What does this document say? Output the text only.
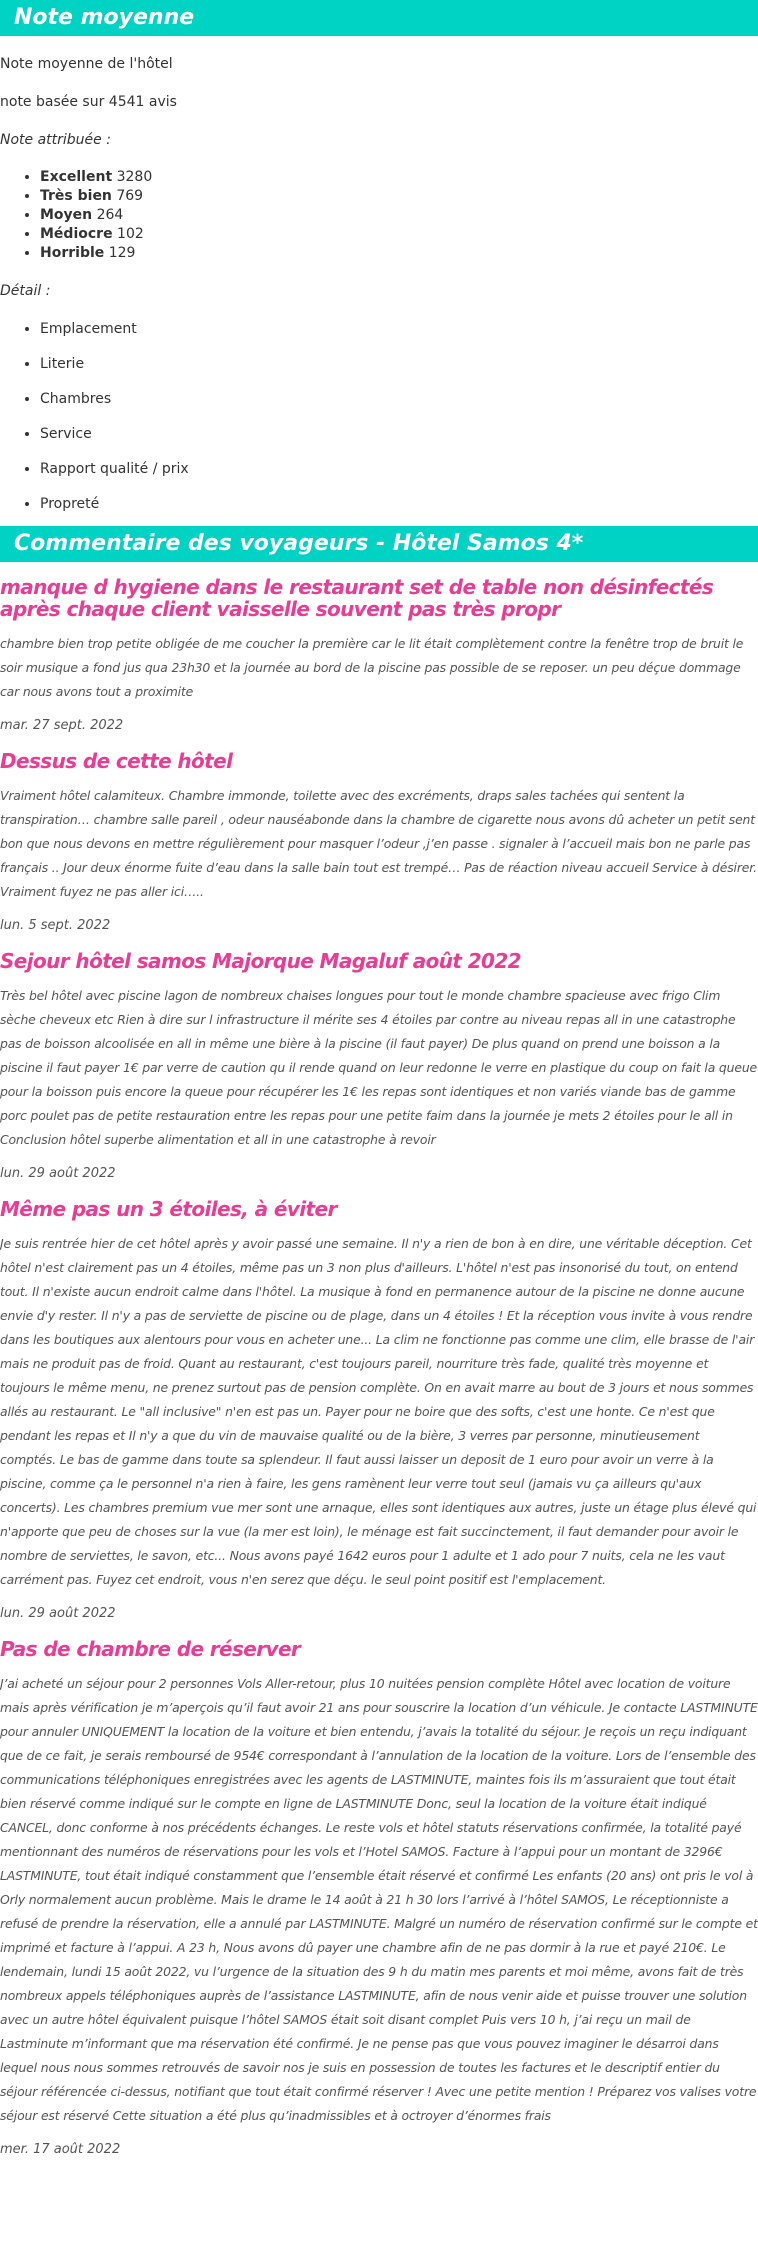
Note moyenne

Note moyenne de l'hôtel

note basée sur 4541 avis

Note attribuée :

• Excellent 3280
• Très bien 769
• Moyen 264
• Médiocre 102
• Horrible 129

Détail :

• Emplacement
• Literie
• Chambres
• Service
• Rapport qualité / prix
• Propreté
Commentaire des voyageurs - Hôtel Samos 4*
manque d hygiene dans le restaurant set de table non désinfectés après chaque client vaisselle souvent pas très propr
chambre bien trop petite obligée de me coucher la première car le lit était complètement contre la fenêtre trop de bruit le soir musique a fond jus qua 23h30 et la journée au bord de la piscine pas possible de se reposer. un peu déçue dommage car nous avons tout a proximite
mar. 27 sept. 2022
Dessus de cette hôtel
Vraiment hôtel calamiteux. Chambre immonde, toilette avec des excréments, draps sales tachées qui sentent la transpiration… chambre salle pareil , odeur nauséabonde dans la chambre de cigarette nous avons dû acheter un petit sent bon que nous devons en mettre régulièrement pour masquer l’odeur ,j’en passe . signaler à l’accueil mais bon ne parle pas français .. Jour deux énorme fuite d’eau dans la salle bain tout est trempé… Pas de réaction niveau accueil Service à désirer. Vraiment fuyez ne pas aller ici…..
lun. 5 sept. 2022
Sejour hôtel samos Majorque Magaluf août 2022
Très bel hôtel avec piscine lagon de nombreux chaises longues pour tout le monde chambre spacieuse avec frigo Clim sèche cheveux etc Rien à dire sur l infrastructure il mérite ses 4 étoiles par contre au niveau repas all in une catastrophe pas de boisson alcoolisée en all in même une bière à la piscine (il faut payer) De plus quand on prend une boisson a la piscine il faut payer 1€ par verre de caution qu il rende quand on leur redonne le verre en plastique du coup on fait la queue pour la boisson puis encore la queue pour récupérer les 1€ les repas sont identiques et non variés viande bas de gamme porc poulet pas de petite restauration entre les repas pour une petite faim dans la journée je mets 2 étoiles pour le all in Conclusion hôtel superbe alimentation et all in une catastrophe à revoir
lun. 29 août 2022
Même pas un 3 étoiles, à éviter
Je suis rentrée hier de cet hôtel après y avoir passé une semaine. Il n'y a rien de bon à en dire, une véritable déception. Cet hôtel n'est clairement pas un 4 étoiles, même pas un 3 non plus d'ailleurs. L'hôtel n'est pas insonorisé du tout, on entend tout. Il n'existe aucun endroit calme dans l'hôtel. La musique à fond en permanence autour de la piscine ne donne aucune envie d'y rester. Il n'y a pas de serviette de piscine ou de plage, dans un 4 étoiles ! Et la réception vous invite à vous rendre dans les boutiques aux alentours pour vous en acheter une... La clim ne fonctionne pas comme une clim, elle brasse de l'air mais ne produit pas de froid. Quant au restaurant, c'est toujours pareil, nourriture très fade, qualité très moyenne et toujours le même menu, ne prenez surtout pas de pension complète. On en avait marre au bout de 3 jours et nous sommes allés au restaurant. Le "all inclusive" n'en est pas un. Payer pour ne boire que des softs, c'est une honte. Ce n'est que pendant les repas et Il n'y a que du vin de mauvaise qualité ou de la bière, 3 verres par personne, minutieusement comptés. Le bas de gamme dans toute sa splendeur. Il faut aussi laisser un deposit de 1 euro pour avoir un verre à la piscine, comme ça le personnel n'a rien à faire, les gens ramènent leur verre tout seul (jamais vu ça ailleurs qu'aux concerts). Les chambres premium vue mer sont une arnaque, elles sont identiques aux autres, juste un étage plus élevé qui n'apporte que peu de choses sur la vue (la mer est loin), le ménage est fait succinctement, il faut demander pour avoir le nombre de serviettes, le savon, etc... Nous avons payé 1642 euros pour 1 adulte et 1 ado pour 7 nuits, cela ne les vaut carrément pas. Fuyez cet endroit, vous n'en serez que déçu. le seul point positif est l'emplacement.
lun. 29 août 2022
Pas de chambre de réserver
J’ai acheté un séjour pour 2 personnes Vols Aller-retour, plus 10 nuitées pension complète Hôtel avec location de voiture mais après vérification je m’aperçois qu’il faut avoir 21 ans pour souscrire la location d’un véhicule. Je contacte LASTMINUTE pour annuler UNIQUEMENT la location de la voiture et bien entendu, j’avais la totalité du séjour. Je reçois un reçu indiquant que de ce fait, je serais remboursé de 954€ correspondant à l’annulation de la location de la voiture. Lors de l’ensemble des communications téléphoniques enregistrées avec les agents de LASTMINUTE, maintes fois ils m’assuraient que tout était bien réservé comme indiqué sur le compte en ligne de LASTMINUTE Donc, seul la location de la voiture était indiqué CANCEL, donc conforme à nos précédents échanges. Le reste vols et hôtel statuts réservations confirmée, la totalité payé mentionnant des numéros de réservations pour les vols et l’Hotel SAMOS. Facture à l’appui pour un montant de 3296€ LASTMINUTE, tout était indiqué constamment que l’ensemble était réservé et confirmé Les enfants (20 ans) ont pris le vol à Orly normalement aucun problème. Mais le drame le 14 août à 21 h 30 lors l’arrivé à l’hôtel SAMOS, Le réceptionniste a refusé de prendre la réservation, elle a annulé par LASTMINUTE. Malgré un numéro de réservation confirmé sur le compte et imprimé et facture à l’appui. A 23 h, Nous avons dû payer une chambre afin de ne pas dormir à la rue et payé 210€. Le lendemain, lundi 15 août 2022, vu l’urgence de la situation des 9 h du matin mes parents et moi même, avons fait de très nombreux appels téléphoniques auprès de l’assistance LASTMINUTE, afin de nous venir aide et puisse trouver une solution avec un autre hôtel équivalent puisque l’hôtel SAMOS était soit disant complet Puis vers 10 h, j’ai reçu un mail de Lastminute m’informant que ma réservation été confirmé. Je ne pense pas que vous pouvez imaginer le désarroi dans lequel nous nous sommes retrouvés de savoir nos je suis en possession de toutes les factures et le descriptif entier du séjour référencée ci-dessus, notifiant que tout était confirmé réserver ! Avec une petite mention ! Préparez vos valises votre séjour est réservé Cette situation a été plus qu’inadmissibles et à octroyer d’énormes frais
mer. 17 août 2022
